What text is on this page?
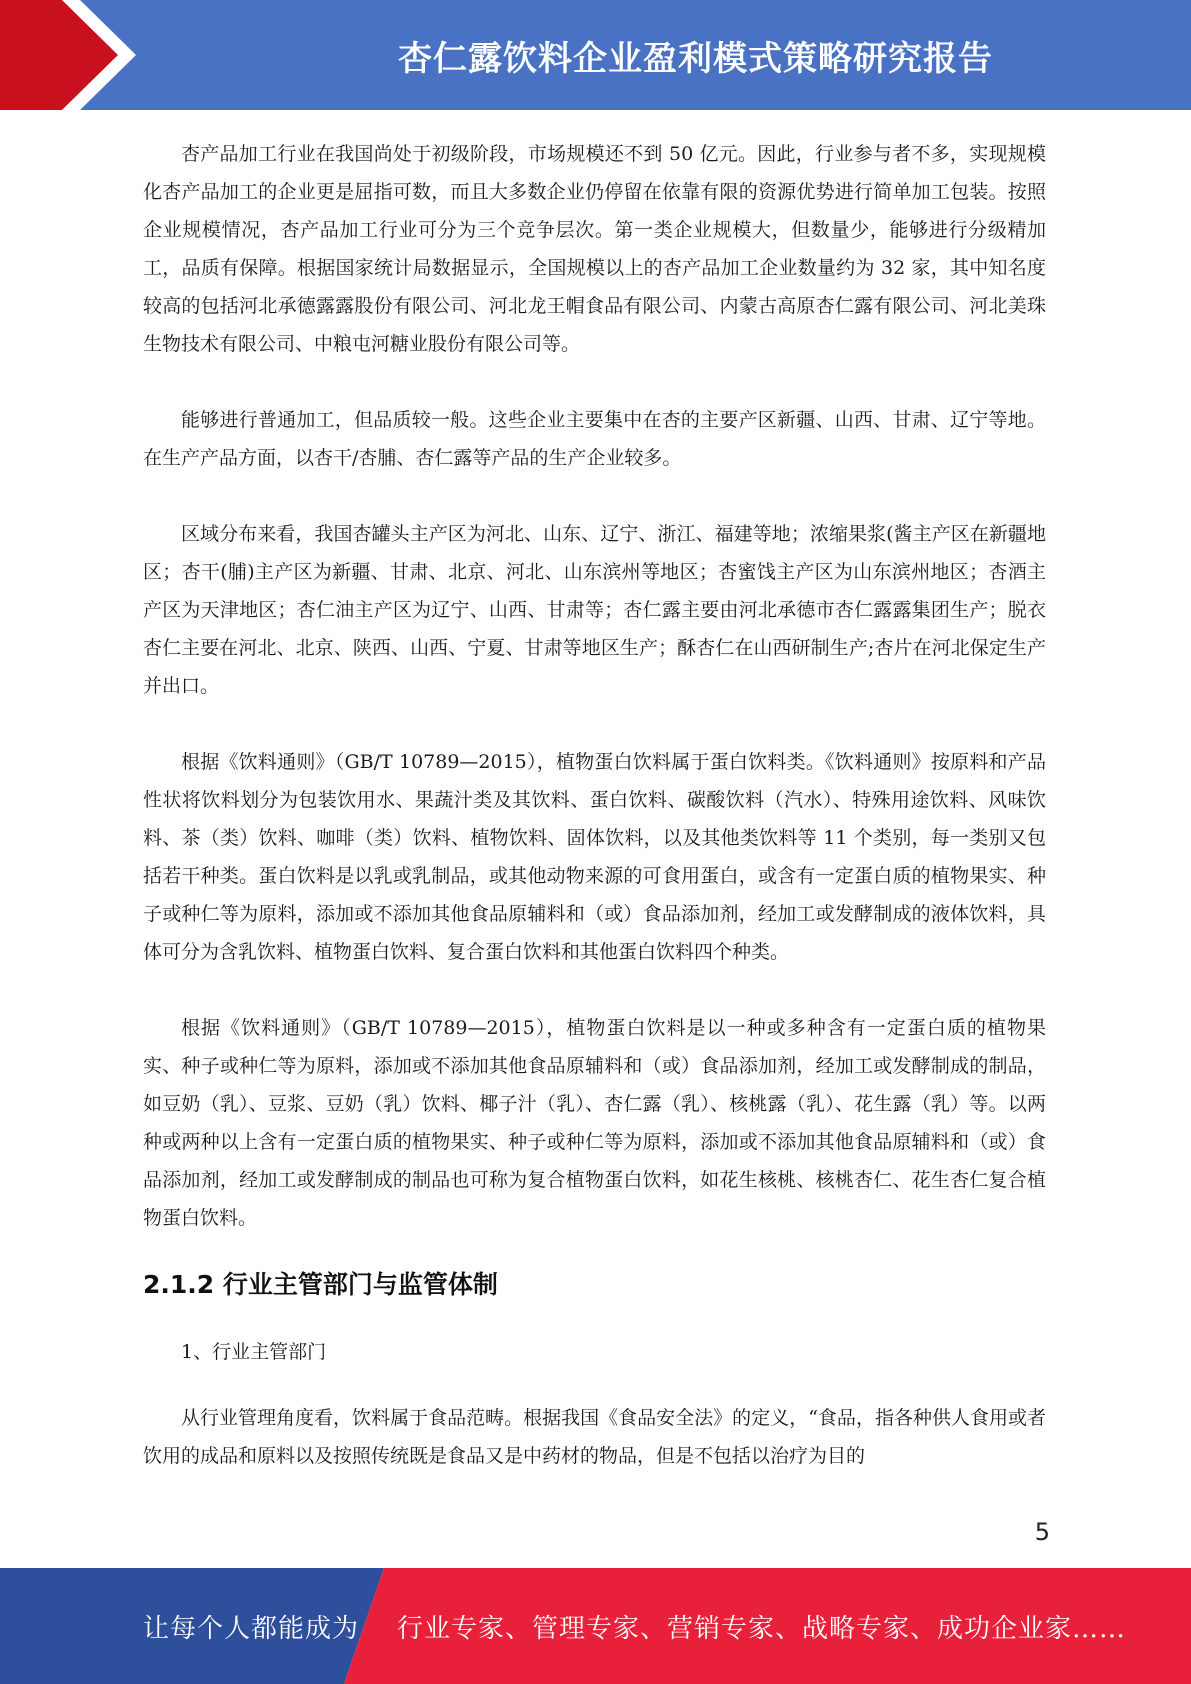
杏仁露饮料企业盈利模式策略研究报告

杏产品加工行业在我国尚处于初级阶段，市场规模还不到 50 亿元。因此，行业参与者不多，实现规模化杏产品加工的企业更是屈指可数，而且大多数企业仍停留在依靠有限的资源优势进行简单加工包装。按照企业规模情况，杏产品加工行业可分为三个竞争层次。第一类企业规模大，但数量少，能够进行分级精加工，品质有保障。根据国家统计局数据显示，全国规模以上的杏产品加工企业数量约为 32 家，其中知名度较高的包括河北承德露露股份有限公司、河北龙王帽食品有限公司、内蒙古高原杏仁露有限公司、河北美珠生物技术有限公司、中粮屯河糖业股份有限公司等。

能够进行普通加工，但品质较一般。这些企业主要集中在杏的主要产区新疆、山西、甘肃、辽宁等地。在生产产品方面，以杏干/杏脯、杏仁露等产品的生产企业较多。

区域分布来看，我国杏罐头主产区为河北、山东、辽宁、浙江、福建等地；浓缩果浆(酱主产区在新疆地区；杏干(脯)主产区为新疆、甘肃、北京、河北、山东滨州等地区；杏蜜饯主产区为山东滨州地区；杏酒主产区为天津地区；杏仁油主产区为辽宁、山西、甘肃等；杏仁露主要由河北承德市杏仁露露集团生产；脱衣杏仁主要在河北、北京、陕西、山西、宁夏、甘肃等地区生产；酥杏仁在山西研制生产;杏片在河北保定生产并出口。

根据《饮料通则》（GB/T 10789—2015），植物蛋白饮料属于蛋白饮料类。《饮料通则》按原料和产品性状将饮料划分为包装饮用水、果蔬汁类及其饮料、蛋白饮料、碳酸饮料（汽水）、特殊用途饮料、风味饮料、茶（类）饮料、咖啡（类）饮料、植物饮料、固体饮料，以及其他类饮料等 11 个类别，每一类别又包括若干种类。蛋白饮料是以乳或乳制品，或其他动物来源的可食用蛋白，或含有一定蛋白质的植物果实、种子或种仁等为原料，添加或不添加其他食品原辅料和（或）食品添加剂，经加工或发酵制成的液体饮料，具体可分为含乳饮料、植物蛋白饮料、复合蛋白饮料和其他蛋白饮料四个种类。

根据《饮料通则》（GB/T 10789—2015），植物蛋白饮料是以一种或多种含有一定蛋白质的植物果实、种子或种仁等为原料，添加或不添加其他食品原辅料和（或）食品添加剂，经加工或发酵制成的制品，如豆奶（乳）、豆浆、豆奶（乳）饮料、椰子汁（乳）、杏仁露（乳）、核桃露（乳）、花生露（乳）等。以两种或两种以上含有一定蛋白质的植物果实、种子或种仁等为原料，添加或不添加其他食品原辅料和（或）食品添加剂，经加工或发酵制成的制品也可称为复合植物蛋白饮料，如花生核桃、核桃杏仁、花生杏仁复合植物蛋白饮料。

2.1.2 行业主管部门与监管体制

1、行业主管部门

从行业管理角度看，饮料属于食品范畴。根据我国《食品安全法》的定义，“食品，指各种供人食用或者饮用的成品和原料以及按照传统既是食品又是中药材的物品，但是不包括以治疗为目的

5
让每个人都能成为 行业专家、管理专家、营销专家、战略专家、成功企业家……
